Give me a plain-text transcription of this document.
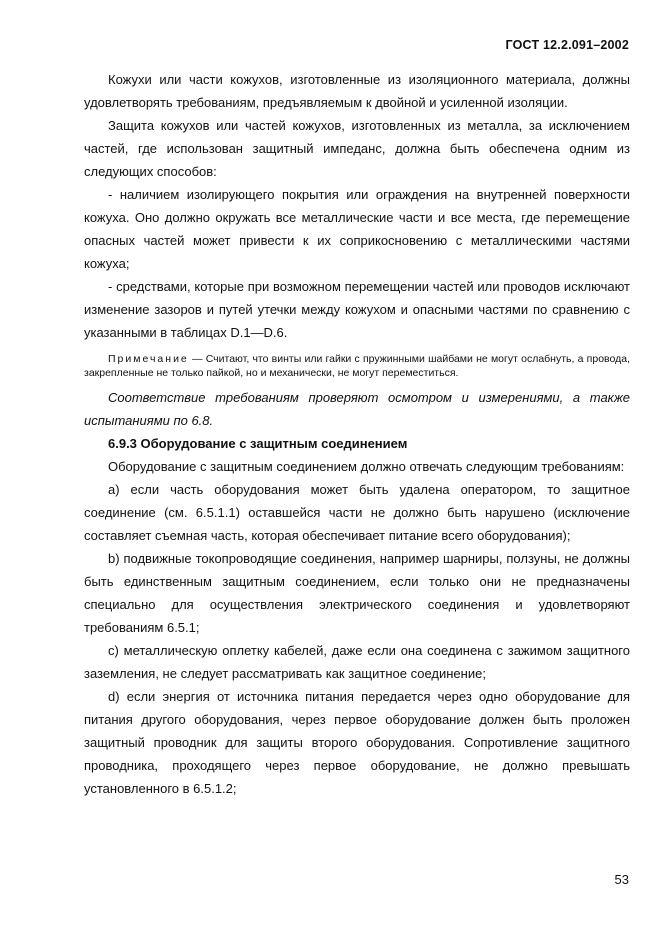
ГОСТ 12.2.091–2002

Кожухи или части кожухов, изготовленные из изоляционного материала, должны удовлетворять требованиям, предъявляемым к двойной и усиленной изоляции.

Защита кожухов или частей кожухов, изготовленных из металла, за исключением частей, где использован защитный импеданс, должна быть обеспечена одним из следующих способов:

- наличием изолирующего покрытия или ограждения на внутренней поверхности кожуха. Оно должно окружать все металлические части и все места, где перемещение опасных частей может привести к их соприкосновению с металлическими частями кожуха;

- средствами, которые при возможном перемещении частей или проводов исключают изменение зазоров и путей утечки между кожухом и опасными частями по сравнению с указанными в таблицах D.1—D.6.

Примечание — Считают, что винты или гайки с пружинными шайбами не могут ослабнуть, а провода, закрепленные не только пайкой, но и механически, не могут переместиться.

Соответствие требованиям проверяют осмотром и измерениями, а также испытаниями по 6.8.

6.9.3 Оборудование с защитным соединением

Оборудование с защитным соединением должно отвечать следующим требованиям:

а) если часть оборудования может быть удалена оператором, то защитное соединение (см. 6.5.1.1) оставшейся части не должно быть нарушено (исключение составляет съемная часть, которая обеспечивает питание всего оборудования);

b) подвижные токопроводящие соединения, например шарниры, ползуны, не должны быть единственным защитным соединением, если только они не предназначены специально для осуществления электрического соединения и удовлетворяют требованиям 6.5.1;

с) металлическую оплетку кабелей, даже если она соединена с зажимом защитного заземления, не следует рассматривать как защитное соединение;

d) если энергия от источника питания передается через одно оборудование для питания другого оборудования, через первое оборудование должен быть проложен защитный проводник для защиты второго оборудования. Сопротивление защитного проводника, проходящего через первое оборудование, не должно превышать установленного в 6.5.1.2;

53
